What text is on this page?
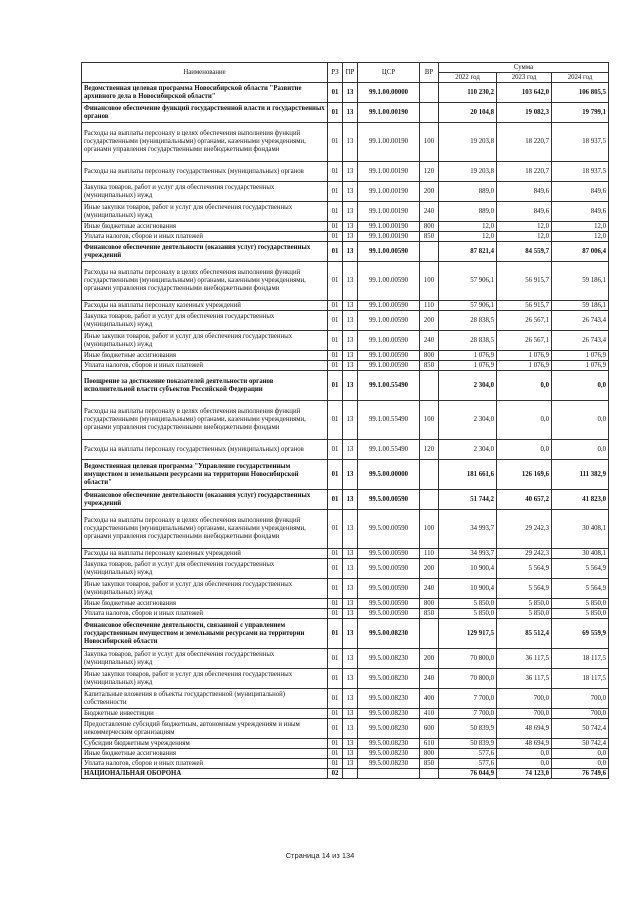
Наименование	РЗ	ПР	ЦСР	ВР	Сумма		
					2022 год	2023 год	2024 год
Ведомственная целевая программа Новосибирской области "Развитие архивного дела в Новосибирской области"	01	13	99.1.00.00000		110 230,2	103 642,0	106 805,5
Финансовое обеспечение функций государственной власти и государственных органов	01	13	99.1.00.00190		20 104,8	19 082,3	19 799,1
Расходы на выплаты персоналу в целях обеспечения выполнения функций государственными (муниципальными) органами, казенными учреждениями, органами управления государственными внебюджетными фондами	01	13	99.1.00.00190	100	19 203,8	18 220,7	18 937,5
Расходы на выплаты персоналу государственных (муниципальных) органов	01	13	99.1.00.00190	120	19 203,8	18 220,7	18 937,5
Закупка товаров, работ и услуг для обеспечения государственных (муниципальных) нужд	01	13	99.1.00.00190	200	889,0	849,6	849,6
Иные закупки товаров, работ и услуг для обеспечения государственных (муниципальных) нужд	01	13	99.1.00.00190	240	889,0	849,6	849,6
Иные бюджетные ассигнования	01	13	99.1.00.00190	800	12,0	12,0	12,0
Уплата налогов, сборов и иных платежей	01	13	99.1.00.00190	850	12,0	12,0	12,0
Финансовое обеспечение деятельности (оказания услуг) государственных учреждений	01	13	99.1.00.00590		87 821,4	84 559,7	87 006,4
Расходы на выплаты персоналу в целях обеспечения выполнения функций государственными (муниципальными) органами, казенными учреждениями, органами управления государственными внебюджетными фондами	01	13	99.1.00.00590	100	57 906,1	56 915,7	59 186,1
Расходы на выплаты персоналу казенных учреждений	01	13	99.1.00.00590	110	57 906,1	56 915,7	59 186,1
Закупка товаров, работ и услуг для обеспечения государственных (муниципальных) нужд	01	13	99.1.00.00590	200	28 838,5	26 567,1	26 743,4
Иные закупки товаров, работ и услуг для обеспечения государственных (муниципальных) нужд	01	13	99.1.00.00590	240	28 838,5	26 567,1	26 743,4
Иные бюджетные ассигнования	01	13	99.1.00.00590	800	1 076,9	1 076,9	1 076,9
Уплата налогов, сборов и иных платежей	01	13	99.1.00.00590	850	1 076,9	1 076,9	1 076,9
Поощрение за достижение показателей деятельности органов исполнительной власти субъектов Российской Федерации	01	13	99.1.00.55490		2 304,0	0,0	0,0
Расходы на выплаты персоналу в целях обеспечения выполнения функций государственными (муниципальными) органами, казенными учреждениями, органами управления государственными внебюджетными фондами	01	13	99.1.00.55490	100	2 304,0	0,0	0,0
Расходы на выплаты персоналу государственных (муниципальных) органов	01	13	99.1.00.55490	120	2 304,0	0,0	0,0
Ведомственная целевая программа "Управление государственным имуществом и земельными ресурсами на территории Новосибирской области"	01	13	99.5.00.00000		181 661,6	126 169,6	111 382,9
Финансовое обеспечение деятельности (оказания услуг) государственных учреждений	01	13	99.5.00.00590		51 744,2	40 657,2	41 823,0
Расходы на выплаты персоналу в целях обеспечения выполнения функций государственными (муниципальными) органами, казенными учреждениями, органами управления государственными внебюджетными фондами	01	13	99.5.00.00590	100	34 993,7	29 242,3	30 408,1
Расходы на выплаты персоналу казенных учреждений	01	13	99.5.00.00590	110	34 993,7	29 242,3	30 408,1
Закупка товаров, работ и услуг для обеспечения государственных (муниципальных) нужд	01	13	99.5.00.00590	200	10 900,4	5 564,9	5 564,9
Иные закупки товаров, работ и услуг для обеспечения государственных (муниципальных) нужд	01	13	99.5.00.00590	240	10 900,4	5 564,9	5 564,9
Иные бюджетные ассигнования	01	13	99.5.00.00590	800	5 850,0	5 850,0	5 850,0
Уплата налогов, сборов и иных платежей	01	13	99.5.00.00590	850	5 850,0	5 850,0	5 850,0
Финансовое обеспечение деятельности, связанной с управлением государственным имуществом и земельными ресурсами на территории Новосибирской области	01	13	99.5.00.08230		129 917,5	85 512,4	69 559,9
Закупка товаров, работ и услуг для обеспечения государственных (муниципальных) нужд	01	13	99.5.00.08230	200	70 800,0	36 117,5	18 117,5
Иные закупки товаров, работ и услуг для обеспечения государственных (муниципальных) нужд	01	13	99.5.00.08230	240	70 800,0	36 117,5	18 117,5
Капитальные вложения в объекты государственной (муниципальной) собственности	01	13	99.5.00.08230	400	7 700,0	700,0	700,0
Бюджетные инвестиции	01	13	99.5.00.08230	410	7 700,0	700,0	700,0
Предоставление субсидий бюджетным, автономным учреждениям и иным некоммерческим организациям	01	13	99.5.00.08230	600	50 839,9	48 694,9	50 742,4
Субсидии бюджетным учреждениям	01	13	99.5.00.08230	610	50 839,9	48 694,9	50 742,4
Иные бюджетные ассигнования	01	13	99.5.00.08230	800	577,6	0,0	0,0
Уплата налогов, сборов и иных платежей	01	13	99.5.00.08230	850	577,6	0,0	0,0
НАЦИОНАЛЬНАЯ ОБОРОНА	02				76 044,9	74 123,0	76 749,6
Страница 14 из 134
